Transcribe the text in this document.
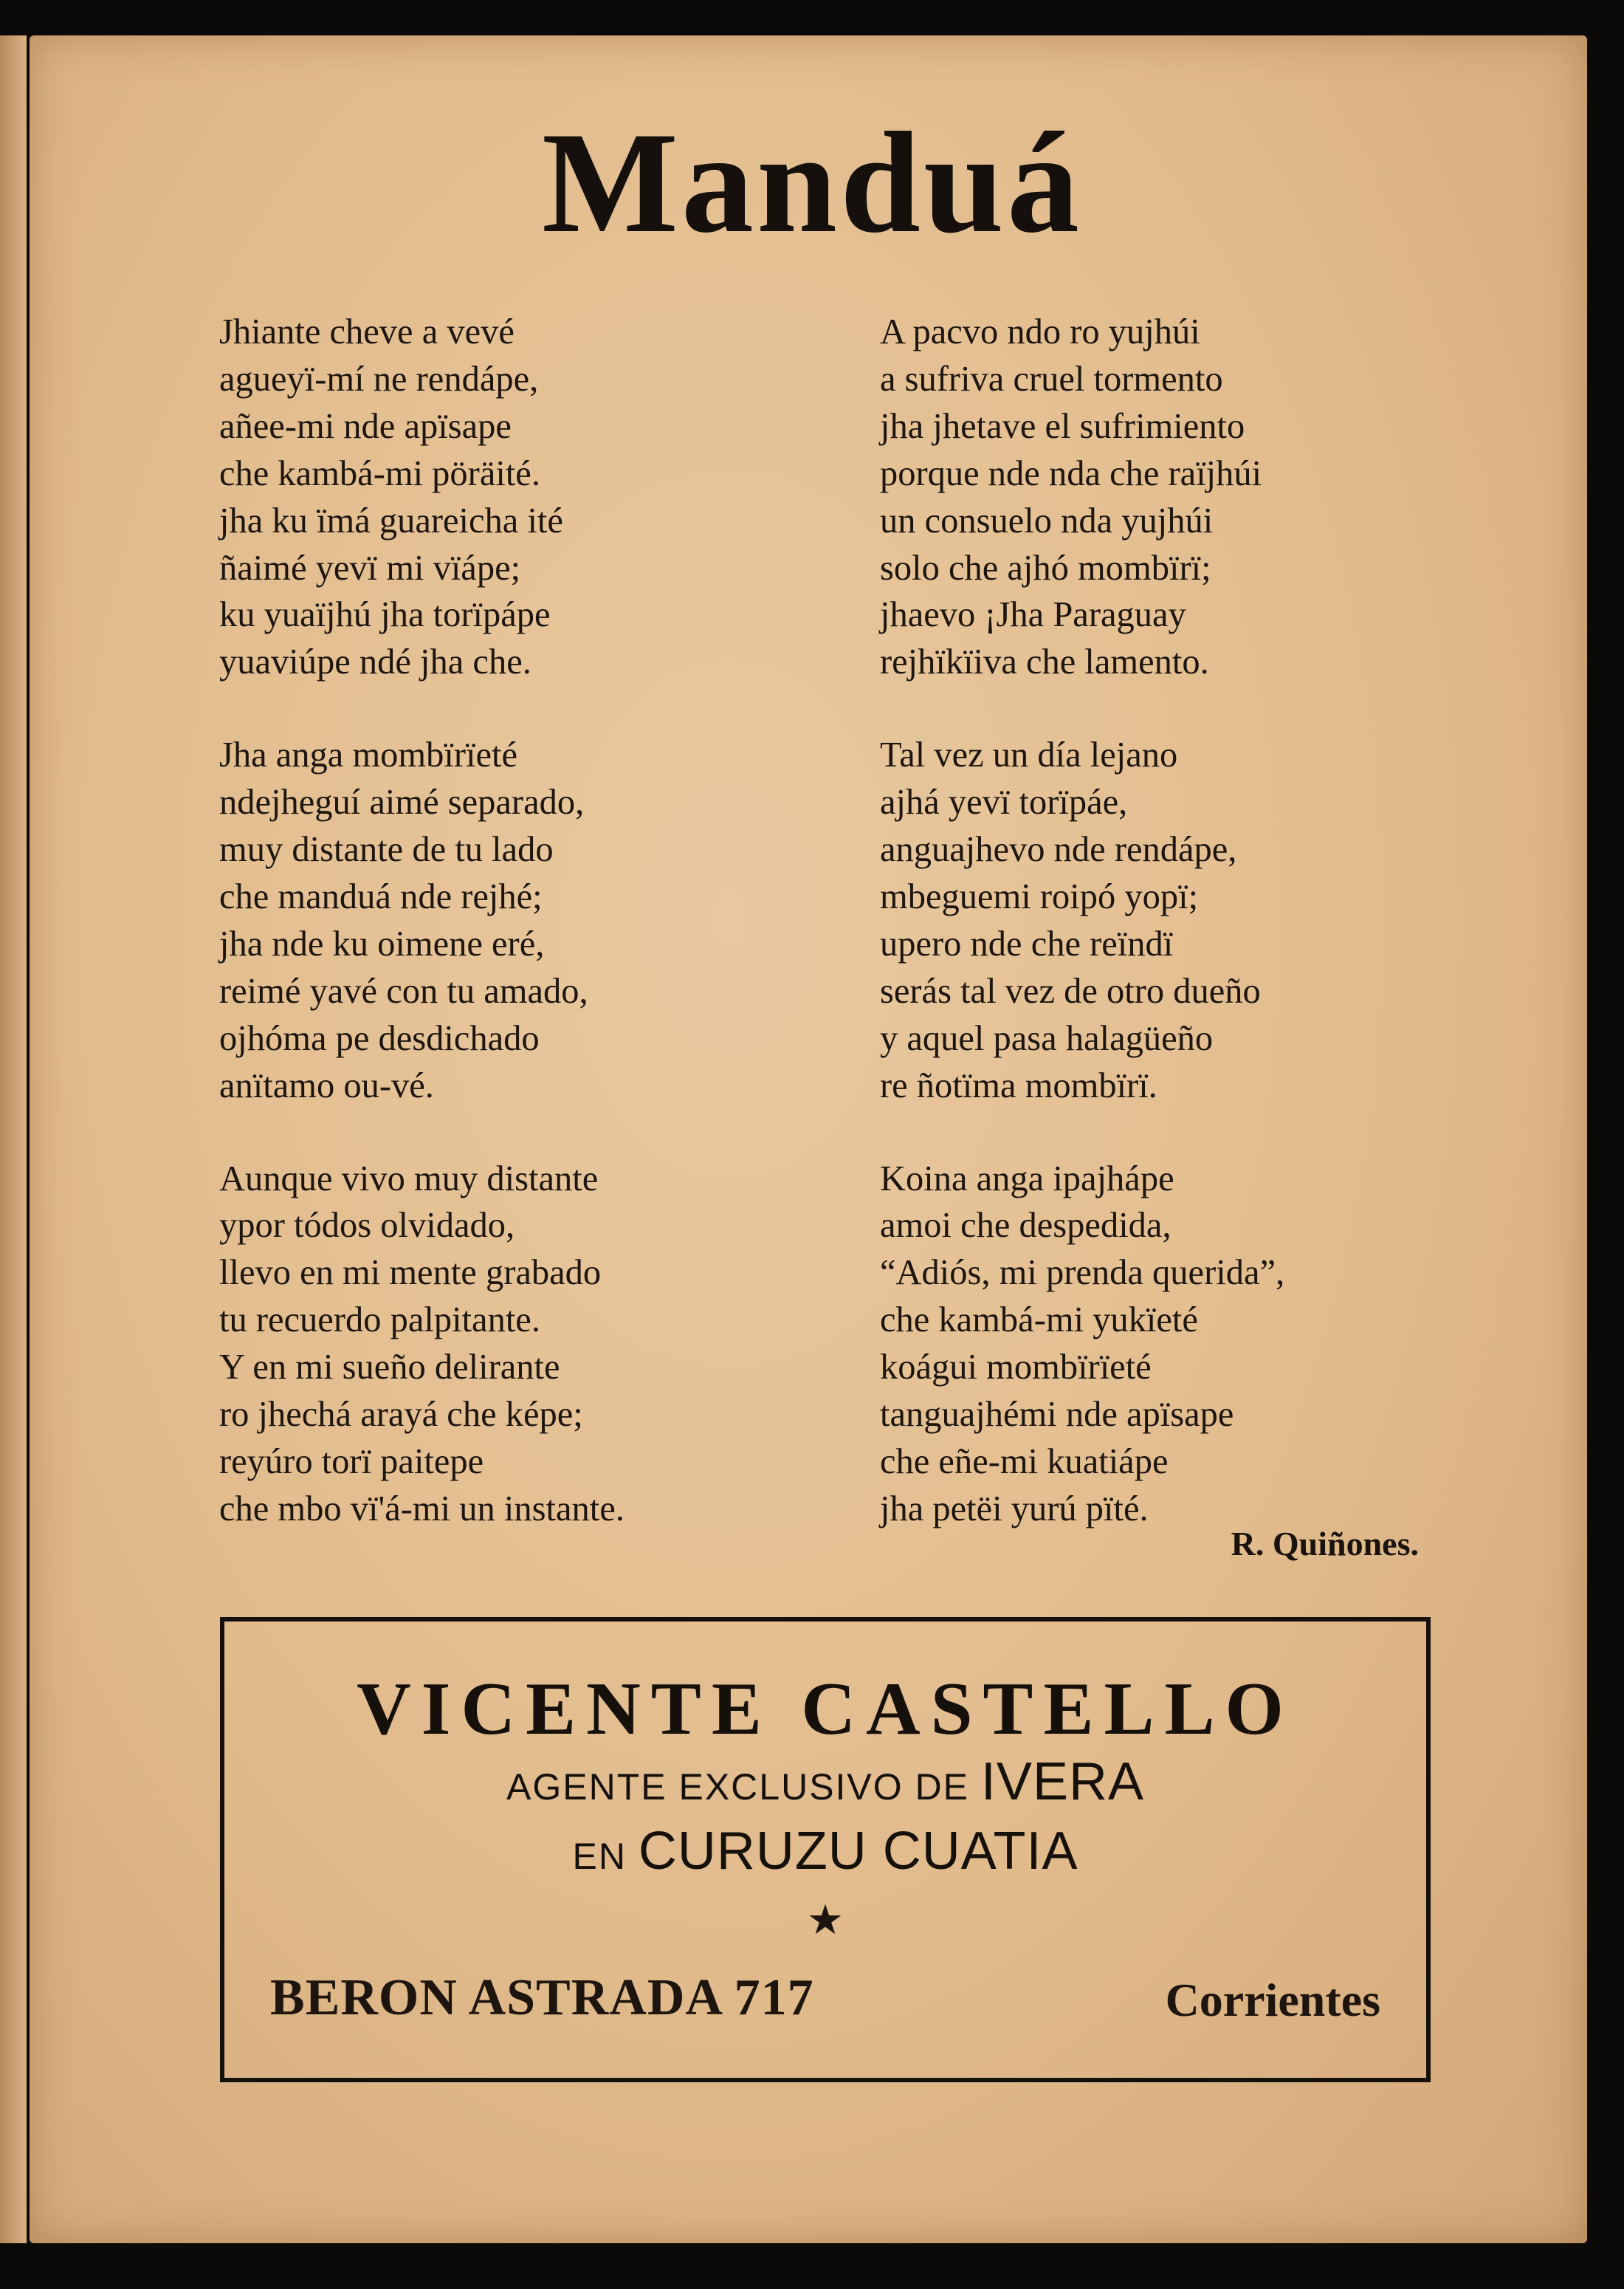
Manduá
Jhiante cheve a vevé
agueyï-mí ne rendápe,
añee-mi nde apïsape
che kambá-mi pöräité.
jha ku ïmá guareicha ité
ñaimé yevï mi vïápe;
ku yuaïjhú jha torïpápe
yuaviúpe ndé jha che.
Jha anga mombïrïeté
ndejheguí aimé separado,
muy distante de tu lado
che manduá nde rejhé;
jha nde ku oimene eré,
reimé yavé con tu amado,
ojhóma pe desdichado
anïtamo ou-vé.
Aunque vivo muy distante
ypor tódos olvidado,
llevo en mi mente grabado
tu recuerdo palpitante.
Y en mi sueño delirante
ro jhechá arayá che képe;
reyúro torï paitepe
che mbo vï'á-mi un instante.
A pacvo ndo ro yujhúi
a sufriva cruel tormento
jha jhetave el sufrimiento
porque nde nda che raïjhúi
un consuelo nda yujhúi
solo che ajhó mombïrï;
jhaevo ¡Jha Paraguay
rejhïkïiva che lamento.
Tal vez un día lejano
ajhá yevï torïpáe,
anguajhevo nde rendápe,
mbeguemi roipó yopï;
upero nde che reïndï
serás tal vez de otro dueño
y aquel pasa halagüeño
re ñotïma mombïrï.
Koina anga ipajhápe
amoi che despedida,
“Adiós, mi prenda querida”,
che kambá-mi yukïeté
koágui mombïrïeté
tanguajhémi nde apïsape
che eñe-mi kuatiápe
jha petëi yurú pïté.
R. Quiñones.
VICENTE CASTELLO
AGENTE EXCLUSIVO DE IVERA
EN CURUZU CUATIA
★
BERON ASTRADA 717	Corrientes
